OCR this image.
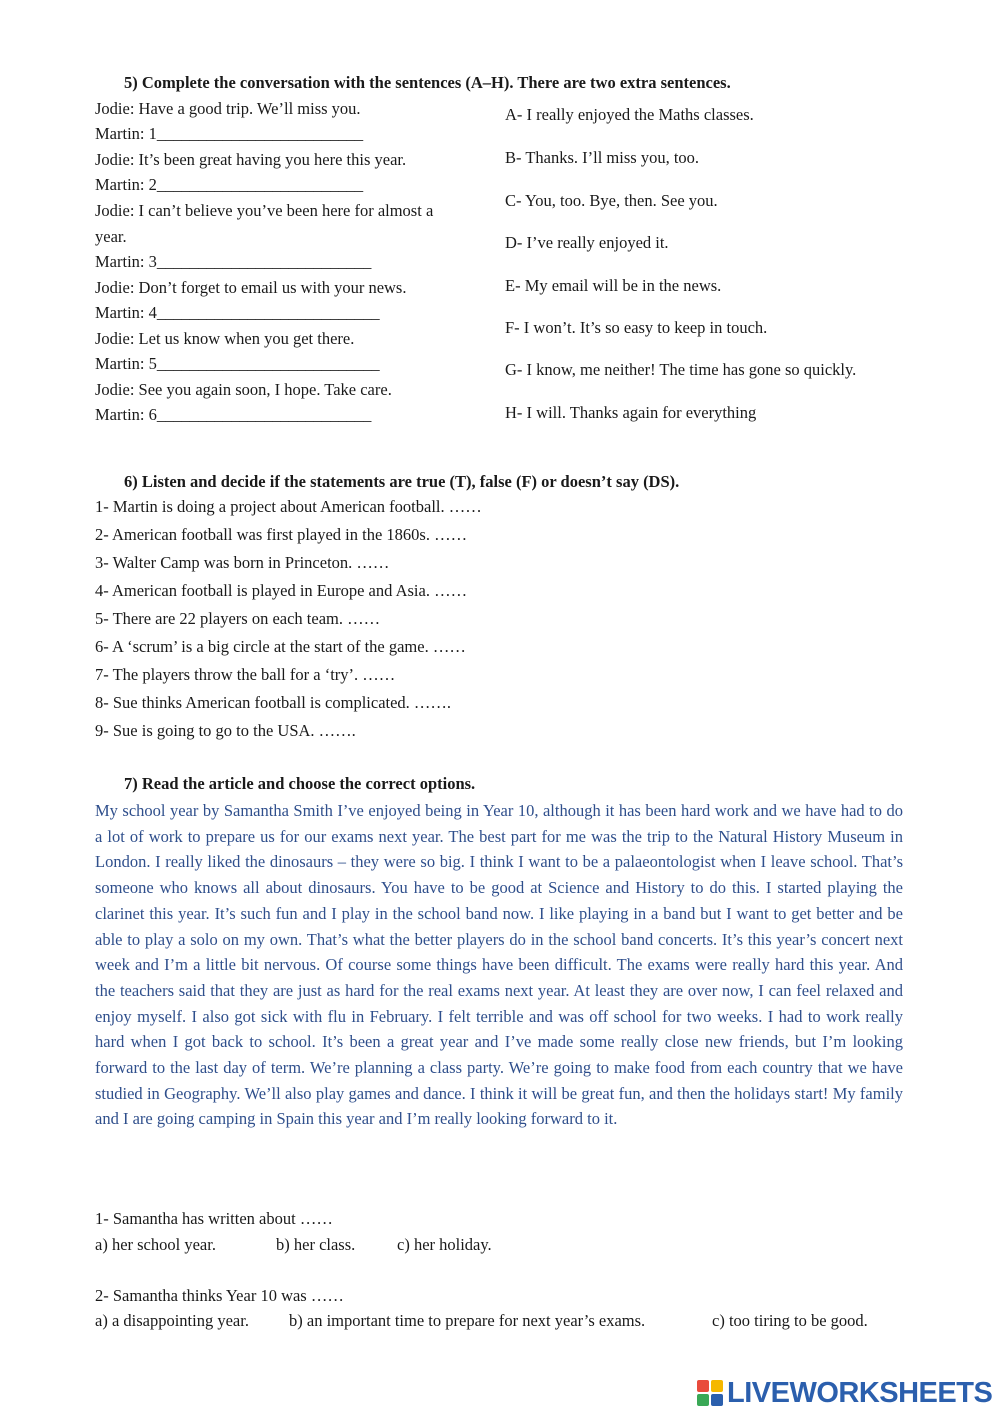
5) Complete the conversation with the sentences (A–H). There are two extra sentences.
Jodie: Have a good trip. We’ll miss you.
Martin: 1_________________________
Jodie: It’s been great having you here this year.
Martin: 2_________________________
Jodie: I can’t believe you’ve been here for almost a
year.
Martin: 3__________________________
Jodie: Don’t forget to email us with your news.
Martin: 4___________________________
Jodie: Let us know when you get there.
Martin: 5___________________________
Jodie: See you again soon, I hope. Take care.
Martin: 6__________________________
A- I really enjoyed the Maths classes.
B- Thanks. I’ll miss you, too.
C- You, too. Bye, then. See you.
D- I’ve really enjoyed it.
E- My email will be in the news.
F- I won’t. It’s so easy to keep in touch.
G- I know, me neither! The time has gone so quickly.
H- I will. Thanks again for everything
6) Listen and decide if the statements are true (T), false (F) or doesn’t say (DS).
1- Martin is doing a project about American football. ……
2- American football was first played in the 1860s. ……
3- Walter Camp was born in Princeton. ……
4- American football is played in Europe and Asia. ……
5- There are 22 players on each team. ……
6- A ‘scrum’ is a big circle at the start of the game. ……
7- The players throw the ball for a ‘try’. ……
8- Sue thinks American football is complicated. …….
9- Sue is going to go to the USA. …….
7) Read the article and choose the correct options.
My school year by Samantha Smith I’ve enjoyed being in Year 10, although it has been hard work and we have had to do a lot of work to prepare us for our exams next year. The best part for me was the trip to the Natural History Museum in London. I really liked the dinosaurs – they were so big. I think I want to be a palaeontologist when I leave school. That’s someone who knows all about dinosaurs. You have to be good at Science and History to do this. I started playing the clarinet this year. It’s such fun and I play in the school band now. I like playing in a band but I want to get better and be able to play a solo on my own. That’s what the better players do in the school band concerts. It’s this year’s concert next week and I’m a little bit nervous. Of course some things have been difficult. The exams were really hard this year. And the teachers said that they are just as hard for the real exams next year. At least they are over now, I can feel relaxed and enjoy myself. I also got sick with flu in February. I felt terrible and was off school for two weeks. I had to work really hard when I got back to school. It’s been a great year and I’ve made some really close new friends, but I’m looking forward to the last day of term. We’re planning a class party. We’re going to make food from each country that we have studied in Geography. We’ll also play games and dance. I think it will be great fun, and then the holidays start! My family and I are going camping in Spain this year and I’m really looking forward to it.
1- Samantha has written about ……
a) her school year.	b) her class.	c) her holiday.
2- Samantha thinks Year 10 was ……
a) a disappointing year. b) an important time to prepare for next year’s exams.	c) too tiring to be good.
LIVEWORKSHEETS
